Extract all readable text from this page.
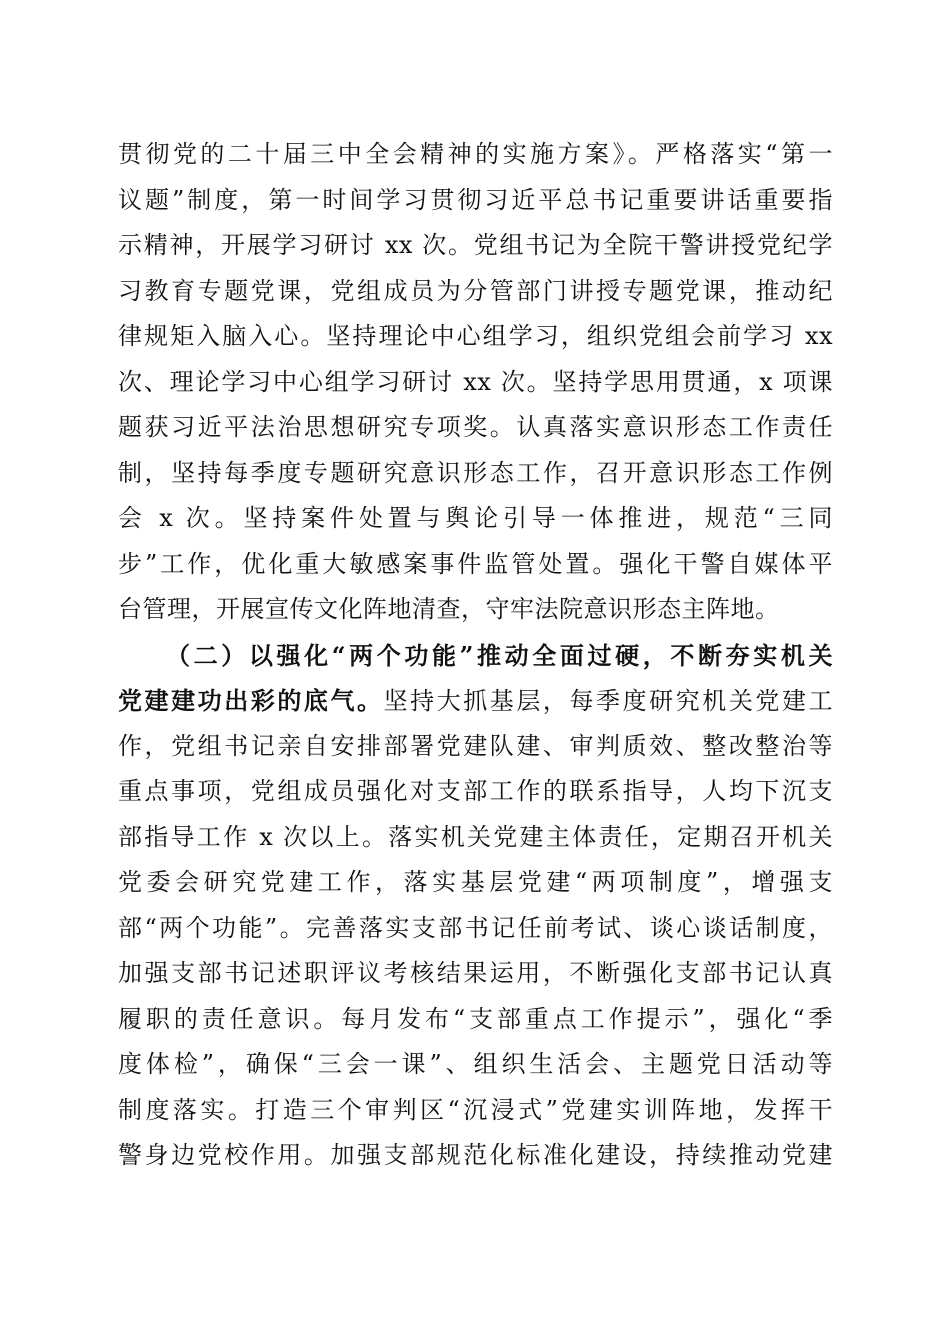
贯彻党的二十届三中全会精神的实施方案》。严格落实“第一
议题”制度，第一时间学习贯彻习近平总书记重要讲话重要指
示精神，开展学习研讨 xx 次。党组书记为全院干警讲授党纪学
习教育专题党课，党组成员为分管部门讲授专题党课，推动纪
律规矩入脑入心。坚持理论中心组学习，组织党组会前学习 xx
次、理论学习中心组学习研讨 xx 次。坚持学思用贯通，x 项课
题获习近平法治思想研究专项奖。认真落实意识形态工作责任
制，坚持每季度专题研究意识形态工作，召开意识形态工作例
会 x 次。坚持案件处置与舆论引导一体推进，规范“三同
步”工作，优化重大敏感案事件监管处置。强化干警自媒体平
台管理，开展宣传文化阵地清查，守牢法院意识形态主阵地。
（二）以强化“两个功能”推动全面过硬，不断夯实机关
党建建功出彩的底气。坚持大抓基层，每季度研究机关党建工
作，党组书记亲自安排部署党建队建、审判质效、整改整治等
重点事项，党组成员强化对支部工作的联系指导，人均下沉支
部指导工作 x 次以上。落实机关党建主体责任，定期召开机关
党委会研究党建工作，落实基层党建“两项制度”，增强支
部“两个功能”。完善落实支部书记任前考试、谈心谈话制度，
加强支部书记述职评议考核结果运用，不断强化支部书记认真
履职的责任意识。每月发布“支部重点工作提示”，强化“季
度体检”，确保“三会一课”、组织生活会、主题党日活动等
制度落实。打造三个审判区“沉浸式”党建实训阵地，发挥干
警身边党校作用。加强支部规范化标准化建设，持续推动党建
